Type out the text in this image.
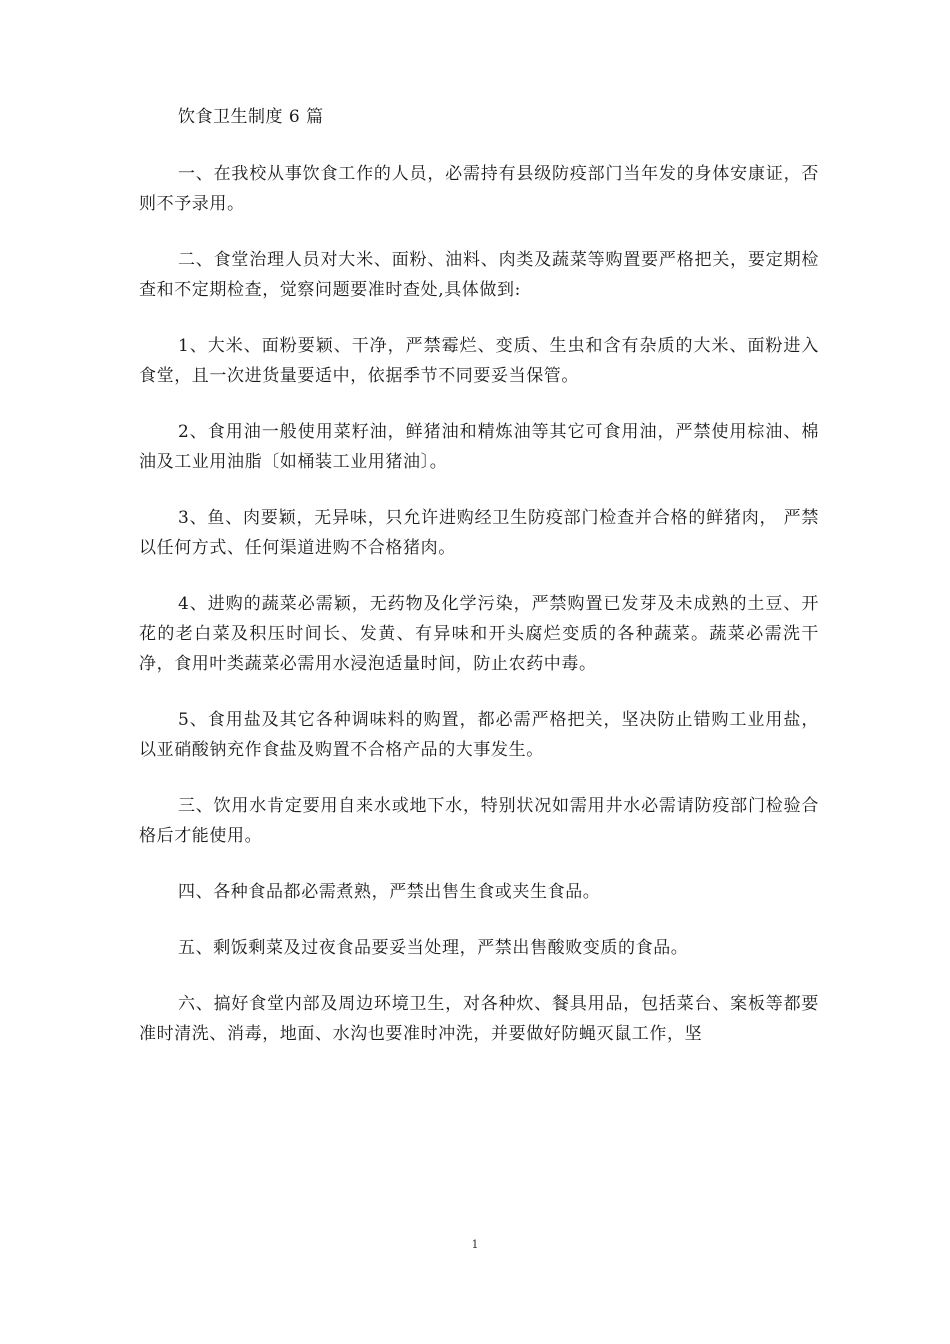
饮食卫生制度 6 篇

一、在我校从事饮食工作的人员，必需持有县级防疫部门当年发的身体安康证，否则不予录用。

二、食堂治理人员对大米、面粉、油料、肉类及蔬菜等购置要严格把关，要定期检查和不定期检查，觉察问题要准时查处,具体做到:

1、大米、面粉要颖、干净，严禁霉烂、变质、生虫和含有杂质的大米、面粉进入食堂，且一次进货量要适中，依据季节不同要妥当保管。

2、食用油一般使用菜籽油，鲜猪油和精炼油等其它可食用油，严禁使用棕油、棉油及工业用油脂〔如桶装工业用猪油〕。

3、鱼、肉要颖，无异味，只允许进购经卫生防疫部门检查并合格的鲜猪肉， 严禁以任何方式、任何渠道进购不合格猪肉。

4、进购的蔬菜必需颖，无药物及化学污染，严禁购置已发芽及未成熟的土豆、开花的老白菜及积压时间长、发黄、有异味和开头腐烂变质的各种蔬菜。蔬菜必需洗干净，食用叶类蔬菜必需用水浸泡适量时间，防止农药中毒。

5、食用盐及其它各种调味料的购置，都必需严格把关，坚决防止错购工业用盐，以亚硝酸钠充作食盐及购置不合格产品的大事发生。

三、饮用水肯定要用自来水或地下水，特别状况如需用井水必需请防疫部门检验合格后才能使用。

四、各种食品都必需煮熟，严禁出售生食或夹生食品。

五、剩饭剩菜及过夜食品要妥当处理，严禁出售酸败变质的食品。

六、搞好食堂内部及周边环境卫生，对各种炊、餐具用品，包括菜台、案板等都要准时清洗、消毒，地面、水沟也要准时冲洗，并要做好防蝇灭鼠工作，坚

1
